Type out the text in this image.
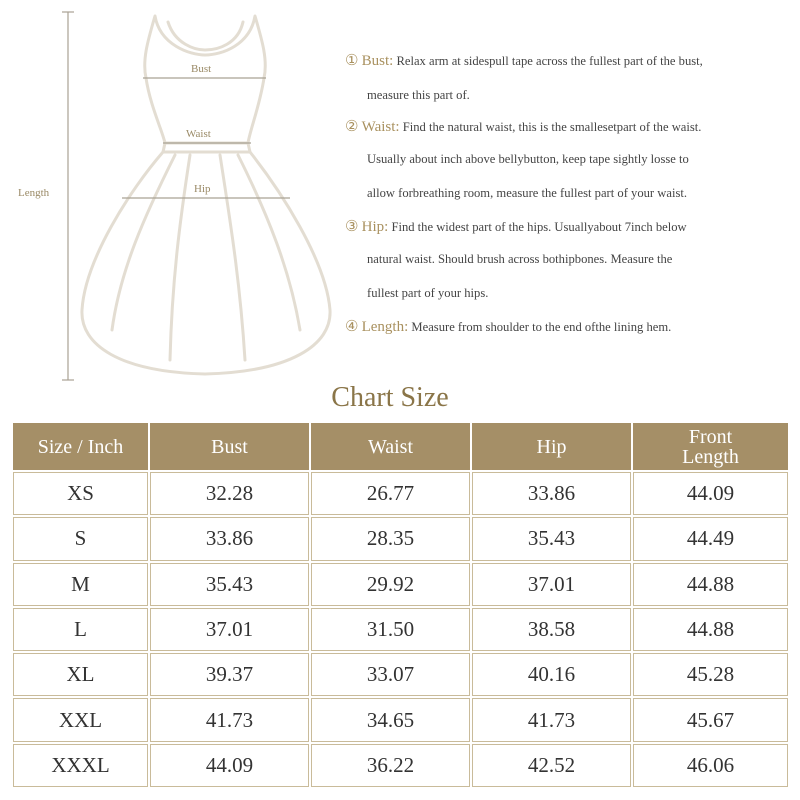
Length
Bust
Waist
Hip
① Bust: Relax arm at sidespull tape across the fullest part of the bust,
measure this part of.
② Waist: Find the natural waist, this is the smallesetpart of the waist.
Usually about inch above bellybutton, keep tape sightly losse to
allow forbreathing room, measure the fullest part of your waist.
③ Hip: Find the widest part of the hips. Usuallyabout 7inch below
natural waist. Should brush across bothipbones. Measure the
fullest part of your hips.
④ Length: Measure from shoulder to the end ofthe lining hem.
Chart Size
Size / Inch	Bust	Waist	Hip	Front Length
XS	32.28	26.77	33.86	44.09
S	33.86	28.35	35.43	44.49
M	35.43	29.92	37.01	44.88
L	37.01	31.50	38.58	44.88
XL	39.37	33.07	40.16	45.28
XXL	41.73	34.65	41.73	45.67
XXXL	44.09	36.22	42.52	46.06
